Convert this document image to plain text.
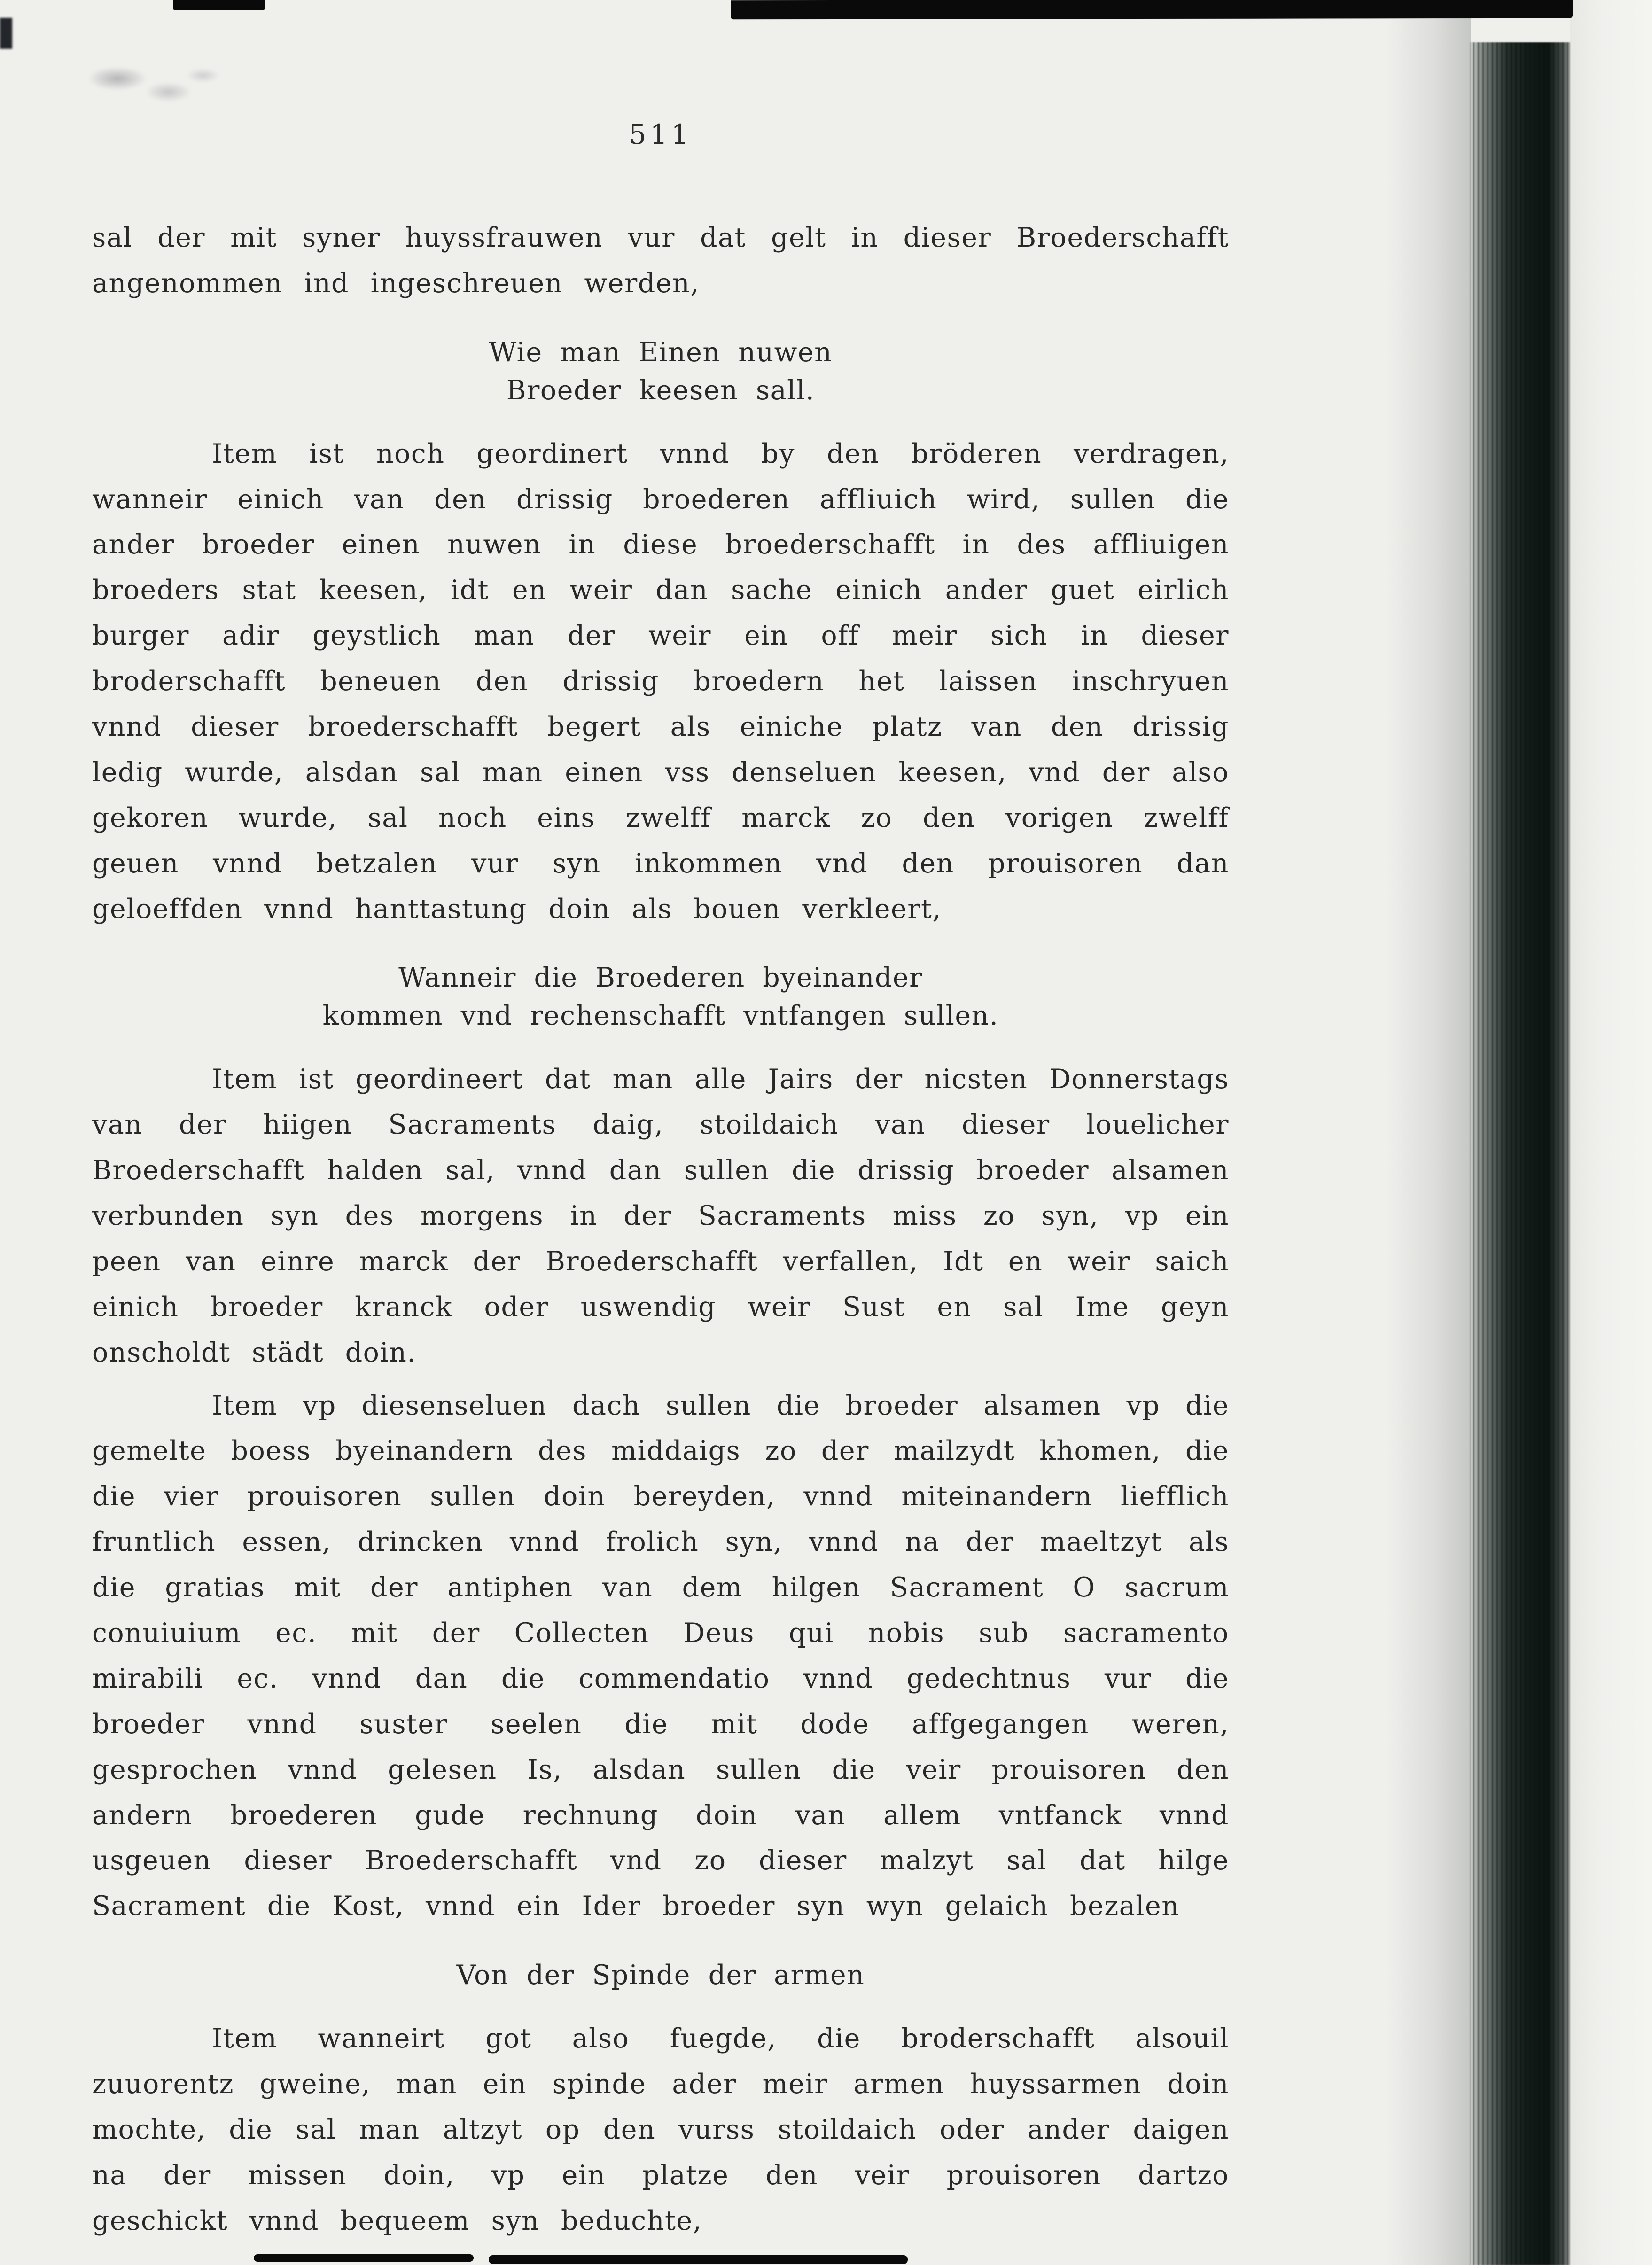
511

sal der mit syner huyssfrauwen vur dat gelt in dieser Broederschafft angenommen ind ingeschreuen werden,

Wie man Einen nuwen
Broeder keesen sall.

Item ist noch geordinert vnnd by den bröderen verdragen, wanneir einich van den drissig broederen affliuich wird, sullen die ander broeder einen nuwen in diese broederschafft in des affliuigen broeders stat keesen, idt en weir dan sache einich ander guet eirlich burger adir geystlich man der weir ein off meir sich in dieser broderschafft beneuen den drissig broedern het laissen inschryuen vnnd dieser broederschafft begert als einiche platz van den drissig ledig wurde, alsdan sal man einen vss denseluen keesen, vnd der also gekoren wurde, sal noch eins zwelff marck zo den vorigen zwelff geuen vnnd betzalen vur syn inkommen vnd den prouisoren dan geloeffden vnnd hanttastung doin als bouen verkleert,

Wanneir die Broederen byeinander
kommen vnd rechenschafft vntfangen sullen.

Item ist geordineert dat man alle Jairs der nicsten Donnerstags van der hiigen Sacraments daig, stoildaich van dieser louelicher Broederschafft halden sal, vnnd dan sullen die drissig broeder alsamen verbunden syn des morgens in der Sacraments miss zo syn, vp ein peen van einre marck der Broederschafft verfallen, Idt en weir saich einich broeder kranck oder uswendig weir Sust en sal Ime geyn onscholdt städt doin.

Item vp diesenseluen dach sullen die broeder alsamen vp die gemelte boess byeinandern des middaigs zo der mailzydt khomen, die die vier prouisoren sullen doin bereyden, vnnd miteinandern liefflich fruntlich essen, drincken vnnd frolich syn, vnnd na der maeltzyt als die gratias mit der antiphen van dem hilgen Sacrament O sacrum conuiuium ec. mit der Collecten Deus qui nobis sub sacramento mirabili ec. vnnd dan die commendatio vnnd gedechtnus vur die broeder vnnd suster seelen die mit dode affgegangen weren, gesprochen vnnd gelesen Is, alsdan sullen die veir prouisoren den andern broederen gude rechnung doin van allem vntfanck vnnd usgeuen dieser Broederschafft vnd zo dieser malzyt sal dat hilge Sacrament die Kost, vnnd ein Ider broeder syn wyn gelaich bezalen

Von der Spinde der armen

Item wanneirt got also fuegde, die broderschafft alsouil zuuorentz gweine, man ein spinde ader meir armen huyssarmen doin mochte, die sal man altzyt op den vurss stoildaich oder ander daigen na der missen doin, vp ein platze den veir prouisoren dartzo geschickt vnnd bequeem syn beduchte,
